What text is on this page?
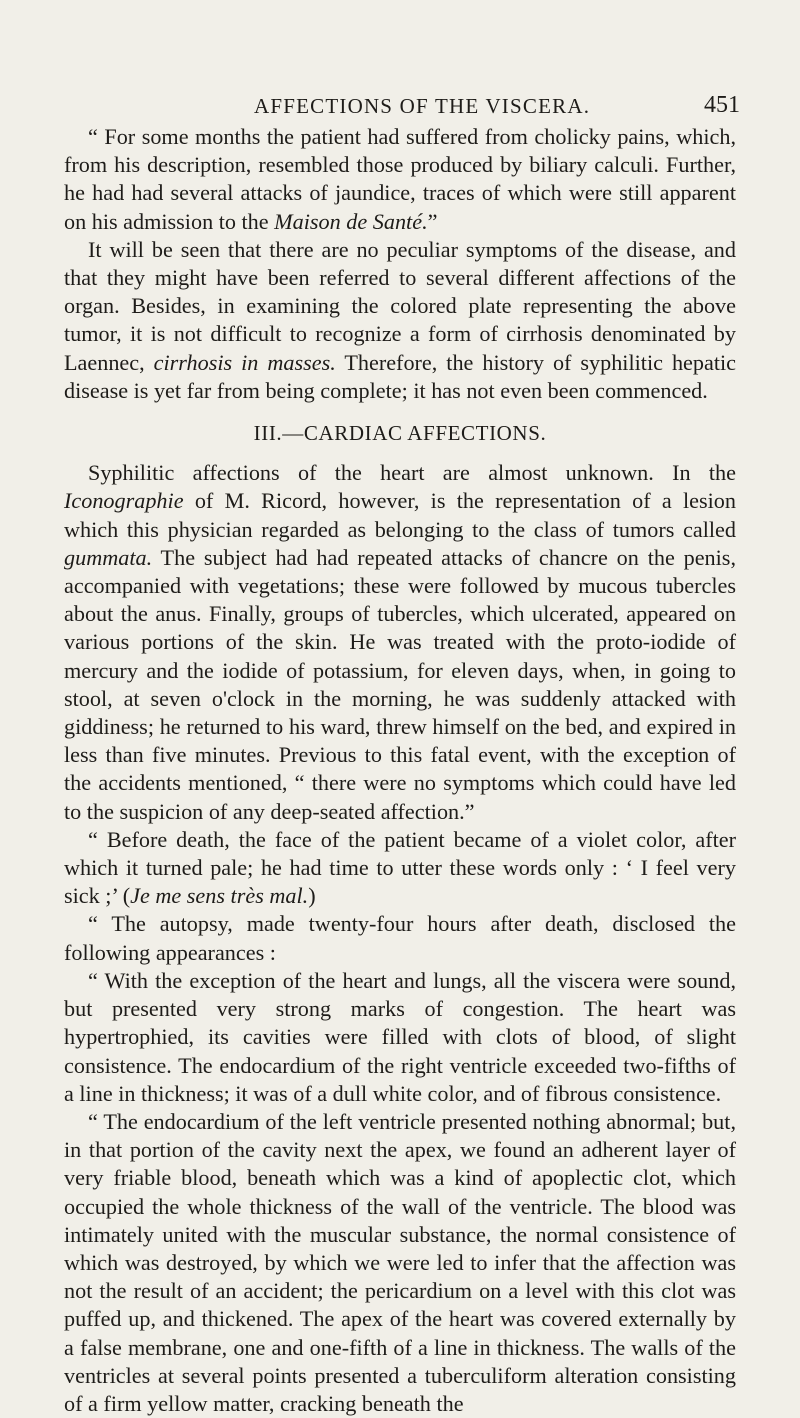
AFFECTIONS OF THE VISCERA.	451

“ For some months the patient had suffered from cholicky pains, which, from his description, resembled those produced by biliary calculi. Further, he had had several attacks of jaundice, traces of which were still apparent on his admission to the Maison de Santé.”

It will be seen that there are no peculiar symptoms of the disease, and that they might have been referred to several different affections of the organ. Besides, in examining the colored plate representing the above tumor, it is not difficult to recognize a form of cirrhosis denominated by Laennec, cirrhosis in masses. Therefore, the history of syphilitic hepatic disease is yet far from being complete; it has not even been commenced.

III.—CARDIAC AFFECTIONS.

Syphilitic affections of the heart are almost unknown. In the Iconographie of M. Ricord, however, is the representation of a lesion which this physician regarded as belonging to the class of tumors called gummata. The subject had had repeated attacks of chancre on the penis, accompanied with vegetations; these were followed by mucous tubercles about the anus. Finally, groups of tubercles, which ulcerated, appeared on various portions of the skin. He was treated with the proto-iodide of mercury and the iodide of potassium, for eleven days, when, in going to stool, at seven o'clock in the morning, he was suddenly attacked with giddiness; he returned to his ward, threw himself on the bed, and expired in less than five minutes. Previous to this fatal event, with the exception of the accidents mentioned, “ there were no symptoms which could have led to the suspicion of any deep-seated affection.”

“ Before death, the face of the patient became of a violet color, after which it turned pale; he had time to utter these words only : ‘ I feel very sick ;’ (Je me sens très mal.)

“ The autopsy, made twenty-four hours after death, disclosed the following appearances :

“ With the exception of the heart and lungs, all the viscera were sound, but presented very strong marks of congestion. The heart was hypertrophied, its cavities were filled with clots of blood, of slight consistence. The endocardium of the right ventricle exceeded two-fifths of a line in thickness; it was of a dull white color, and of fibrous consistence.

“ The endocardium of the left ventricle presented nothing abnormal; but, in that portion of the cavity next the apex, we found an adherent layer of very friable blood, beneath which was a kind of apoplectic clot, which occupied the whole thickness of the wall of the ventricle. The blood was intimately united with the muscular substance, the normal consistence of which was destroyed, by which we were led to infer that the affection was not the result of an accident; the pericardium on a level with this clot was puffed up, and thickened. The apex of the heart was covered externally by a false membrane, one and one-fifth of a line in thickness. The walls of the ventricles at several points presented a tuberculiform alteration consisting of a firm yellow matter, cracking beneath the
